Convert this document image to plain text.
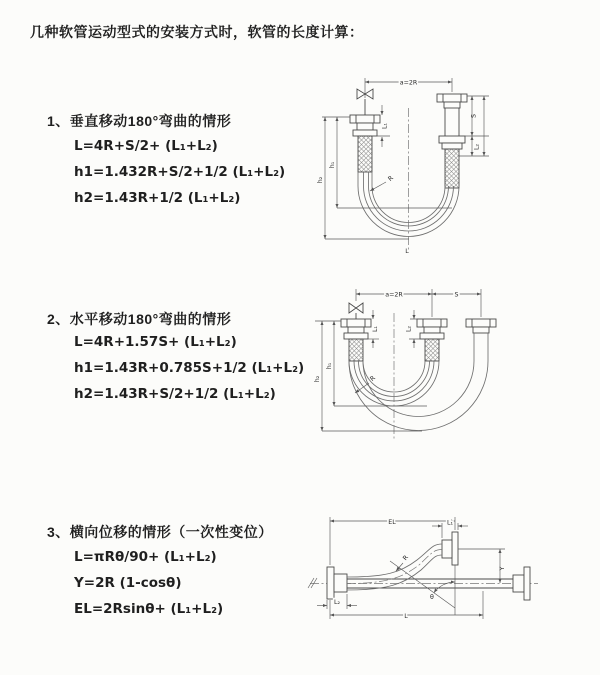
几种软管运动型式的安装方式时，软管的长度计算：
1、垂直移动180°弯曲的情形
L=4R+S/2+ (L₁+L₂)
h1=1.432R+S/2+1/2 (L₁+L₂)
h2=1.43R+1/2 (L₁+L₂)
a=2R
h₁
h₂
L₁
S
L₂
R
L
2、水平移动180°弯曲的情形
L=4R+1.57S+ (L₁+L₂)
h1=1.43R+0.785S+1/2 (L₁+L₂)
h2=1.43R+S/2+1/2 (L₁+L₂)
a=2R	S
h₁
h₂
L₁	L₂
R
3、横向位移的情形（一次性变位）
L=πRθ/90+ (L₁+L₂)
Y=2R (1-cosθ)
EL=2Rsinθ+ (L₁+L₂)
θ
R
EL	L₁
Y
L
L₂
